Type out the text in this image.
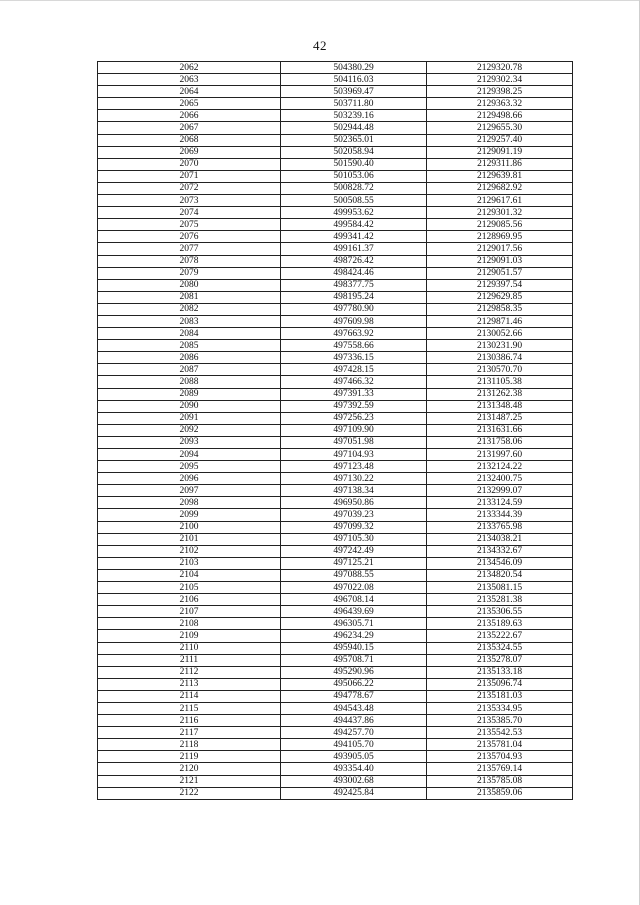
42
2062	504380.29	2129320.78
2063	504116.03	2129302.34
2064	503969.47	2129398.25
2065	503711.80	2129363.32
2066	503239.16	2129498.66
2067	502944.48	2129655.30
2068	502365.01	2129257.40
2069	502058.94	2129091.19
2070	501590.40	2129311.86
2071	501053.06	2129639.81
2072	500828.72	2129682.92
2073	500508.55	2129617.61
2074	499953.62	2129301.32
2075	499584.42	2129085.56
2076	499341.42	2128969.95
2077	499161.37	2129017.56
2078	498726.42	2129091.03
2079	498424.46	2129051.57
2080	498377.75	2129397.54
2081	498195.24	2129629.85
2082	497780.90	2129858.35
2083	497609.98	2129871.46
2084	497663.92	2130052.66
2085	497558.66	2130231.90
2086	497336.15	2130386.74
2087	497428.15	2130570.70
2088	497466.32	2131105.38
2089	497391.33	2131262.38
2090	497392.59	2131348.48
2091	497256.23	2131487.25
2092	497109.90	2131631.66
2093	497051.98	2131758.06
2094	497104.93	2131997.60
2095	497123.48	2132124.22
2096	497130.22	2132400.75
2097	497138.34	2132999.07
2098	496950.86	2133124.59
2099	497039.23	2133344.39
2100	497099.32	2133765.98
2101	497105.30	2134038.21
2102	497242.49	2134332.67
2103	497125.21	2134546.09
2104	497088.55	2134820.54
2105	497022.08	2135081.15
2106	496708.14	2135281.38
2107	496439.69	2135306.55
2108	496305.71	2135189.63
2109	496234.29	2135222.67
2110	495940.15	2135324.55
2111	495708.71	2135278.07
2112	495290.96	2135133.18
2113	495066.22	2135096.74
2114	494778.67	2135181.03
2115	494543.48	2135334.95
2116	494437.86	2135385.70
2117	494257.70	2135542.53
2118	494105.70	2135781.04
2119	493905.05	2135704.93
2120	493354.40	2135769.14
2121	493002.68	2135785.08
2122	492425.84	2135859.06
